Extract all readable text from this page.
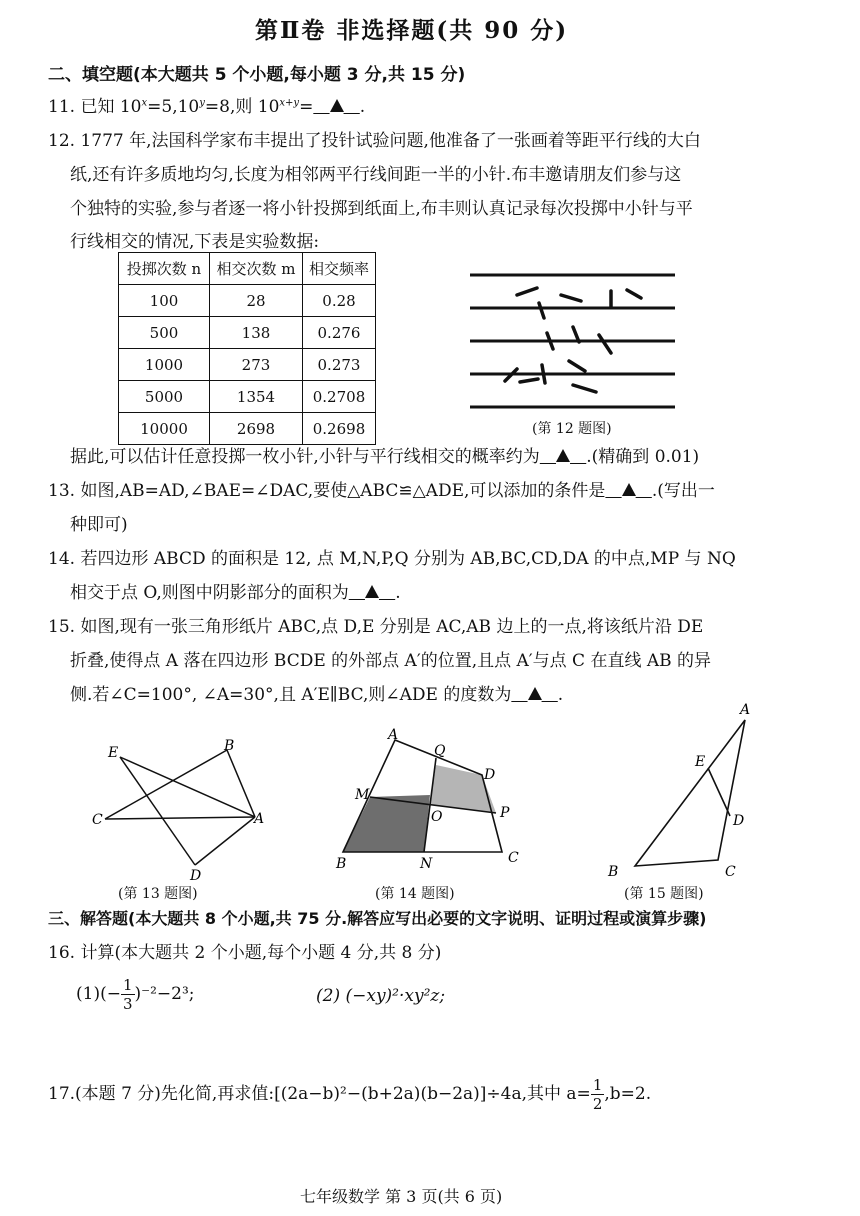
第Ⅱ卷 非选择题(共 90 分)
二、填空题(本大题共 5 个小题,每小题 3 分,共 15 分)
11. 已知 $10^x=5,10^y=8$,则 $10^{x+y}=$	.
12. 1777 年,法国科学家布丰提出了投针试验问题,他准备了一张画着等距平行线的大白
纸,还有许多质地均匀,长度为相邻两平行线间距一半的小针.布丰邀请朋友们参与这
个独特的实验,参与者逐一将小针投掷到纸面上,布丰则认真记录每次投掷中小针与平
行线相交的情况,下表是实验数据:
投掷次数 n	相交次数 m	相交频率
100	28	0.28
500	138	0.276
1000	273	0.273
5000	1354	0.2708
10000	2698	0.2698	(第 12 题图)
据此,可以估计任意投掷一枚小针,小针与平行线相交的概率约为	.(精确到 0.01)
13. 如图,AB=AD,∠BAE=∠DAC,要使△ABC≌△ADE,可以添加的条件是	.(写出一
种即可)
14. 若四边形 ABCD 的面积是 12, 点 M,N,P,Q 分别为 AB,BC,CD,DA 的中点,MP 与 NQ
相交于点 O,则图中阴影部分的面积为	.
15. 如图,现有一张三角形纸片 ABC,点 D,E 分别是 AC,AB 边上的一点,将该纸片沿 DE
折叠,使得点 A 落在四边形 BCDE 的外部点 A′的位置,且点 A′与点 C 在直线 AB 的异
侧.若∠C=100°, ∠A=30°,且 A′E∥BC,则∠ADE 的度数为	.
E	B
C	A
D
(第 13 题图)
A
Q
D
M
O	P
B	N	C
(第 14 题图)
A
E
D
B	C
(第 15 题图)
三、解答题(本大题共 8 个小题,共 75 分.解答应写出必要的文字说明、证明过程或演算步骤)
16. 计算(本大题共 2 个小题,每个小题 4 分,共 8 分)
$(1)(- \frac{1}{3} )^{-2}-2^3$;	(2) (−xy)²·xy²z;
17.(本题 7 分)先化简,再求值:[(2a−b)²−(b+2a)(b−2a)]÷4a,其中 $a= \frac{1}{2} ,b=2$.
七年级数学 第 3 页(共 6 页)
